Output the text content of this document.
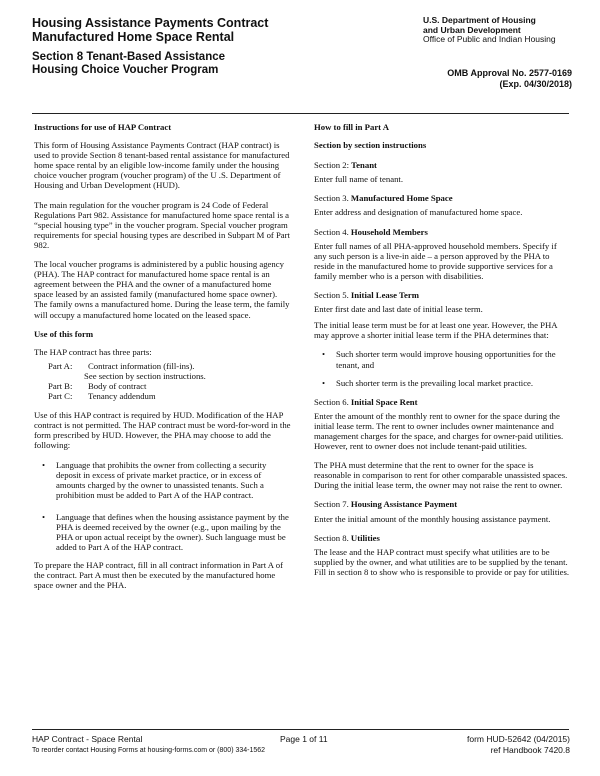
Housing Assistance Payments Contract
Manufactured Home Space Rental
Section 8 Tenant-Based Assistance
Housing Choice Voucher Program
U.S. Department of Housing
and Urban Development
Office of Public and Indian Housing
OMB Approval No. 2577-0169
(Exp. 04/30/2018)
Instructions for use of HAP Contract
This form of Housing Assistance Payments Contract (HAP contract) is used to provide Section 8 tenant-based rental assistance for manufactured home space rental by an eligible low-income family under the housing choice voucher program (voucher program) of the U .S. Department of Housing and Urban Development (HUD).
The main regulation for the voucher program is 24 Code of Federal Regulations Part 982. Assistance for manufactured home space rental is a “special housing type” in the voucher program. Special voucher program requirements for special housing types are described in Subpart M of Part 982.
The local voucher programs is administered by a public housing agency (PHA). The HAP contract for manufactured home space rental is an agreement between the PHA and the owner of a manufactured home space leased by an assisted family (manufactured home space owner). The family owns a manufactured home. During the lease term, the family will occupy a manufactured home located on the leased space.
Use of this form
The HAP contract has three parts:
Part A:	Contract information (fill-ins).
See section by section instructions.
Part B:	Body of contract
Part C:	Tenancy addendum
Use of this HAP contract is required by HUD. Modification of the HAP contract is not permitted. The HAP contract must be word-for-word in the form prescribed by HUD. However, the PHA may choose to add the following:
•	Language that prohibits the owner from collecting a security deposit in excess of private market practice, or in excess of amounts charged by the owner to unassisted tenants. Such a prohibition must be added to Part A of the HAP contract.
•	Language that defines when the housing assistance payment by the PHA is deemed received by the owner (e.g., upon mailing by the PHA or upon actual receipt by the owner). Such language must be added to Part A of the HAP contract.
To prepare the HAP contract, fill in all contract information in Part A of the contract. Part A must then be executed by the manufactured home space owner and the PHA.
How to fill in Part A
Section by section instructions
Section 2: Tenant
Enter full name of tenant.
Section 3. Manufactured Home Space
Enter address and designation of manufactured home space.
Section 4. Household Members
Enter full names of all PHA-approved household members. Specify if any such person is a live-in aide – a person approved by the PHA to reside in the manufactured home to provide supportive services for a family member who is a person with disabilities.
Section 5. Initial Lease Term
Enter first date and last date of initial lease term.
The initial lease term must be for at least one year. However, the PHA may approve a shorter initial lease term if the PHA determines that:
•	Such shorter term would improve housing opportunities for the tenant, and
•	Such shorter term is the prevailing local market practice.
Section 6. Initial Space Rent
Enter the amount of the monthly rent to owner for the space during the initial lease term. The rent to owner includes owner maintenance and management charges for the space, and charges for owner-paid utilities. However, rent to owner does not include tenant-paid utilities.
The PHA must determine that the rent to owner for the space is reasonable in comparison to rent for other comparable unassisted spaces. During the initial lease term, the owner may not raise the rent to owner.
Section 7. Housing Assistance Payment
Enter the initial amount of the monthly housing assistance payment.
Section 8. Utilities
The lease and the HAP contract must specify what utilities are to be supplied by the owner, and what utilities are to be supplied by the tenant. Fill in section 8 to show who is responsible to provide or pay for utilities.
HAP Contract - Space Rental	Page 1 of 11	form HUD-52642 (04/2015)
To reorder contact Housing Forms at housing-forms.com or (800) 334-1562	ref Handbook 7420.8
